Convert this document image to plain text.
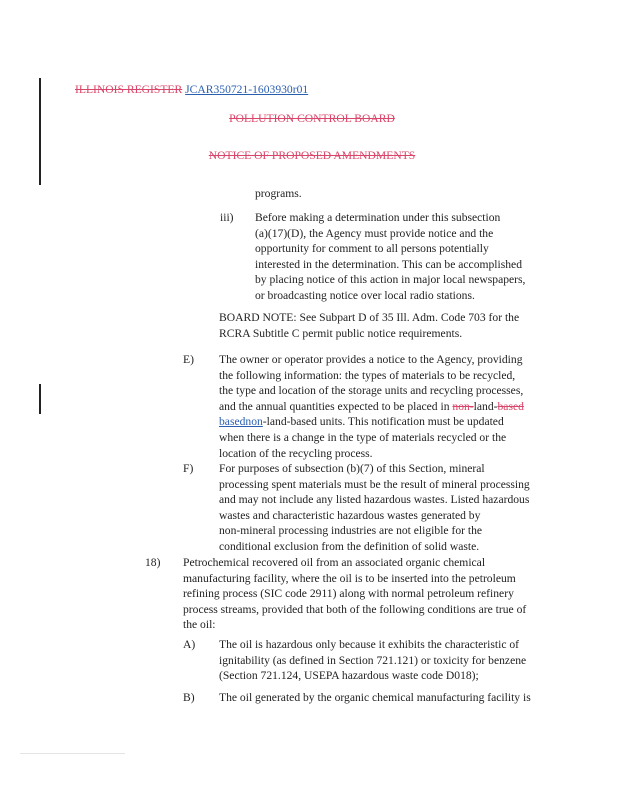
ILLINOIS REGISTER JCAR350721-1603930r01
POLLUTION CONTROL BOARD
NOTICE OF PROPOSED AMENDMENTS
programs.
iii) Before making a determination under this subsection
(a)(17)(D), the Agency must provide notice and the
opportunity for comment to all persons potentially
interested in the determination. This can be accomplished
by placing notice of this action in major local newspapers,
or broadcasting notice over local radio stations.
BOARD NOTE: See Subpart D of 35 Ill. Adm. Code 703 for the
RCRA Subtitle C permit public notice requirements.
E) The owner or operator provides a notice to the Agency, providing
the following information: the types of materials to be recycled,
the type and location of the storage units and recycling processes,
and the annual quantities expected to be placed in non-land-based
basednon-land-based units. This notification must be updated
when there is a change in the type of materials recycled or the
location of the recycling process.
F) For purposes of subsection (b)(7) of this Section, mineral
processing spent materials must be the result of mineral processing
and may not include any listed hazardous wastes. Listed hazardous
wastes and characteristic hazardous wastes generated by
non-mineral processing industries are not eligible for the
conditional exclusion from the definition of solid waste.
18) Petrochemical recovered oil from an associated organic chemical
manufacturing facility, where the oil is to be inserted into the petroleum
refining process (SIC code 2911) along with normal petroleum refinery
process streams, provided that both of the following conditions are true of
the oil:
A) The oil is hazardous only because it exhibits the characteristic of
ignitability (as defined in Section 721.121) or toxicity for benzene
(Section 721.124, USEPA hazardous waste code D018);
B) The oil generated by the organic chemical manufacturing facility is
